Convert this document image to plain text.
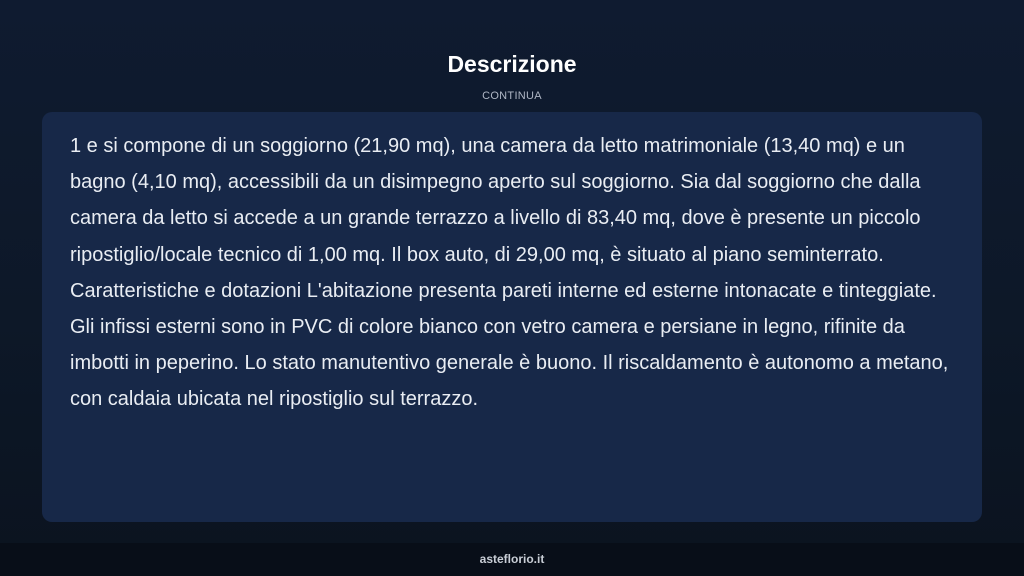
Descrizione
CONTINUA

1 e si compone di un soggiorno (21,90 mq), una camera da letto matrimoniale (13,40 mq) e un bagno (4,10 mq), accessibili da un disimpegno aperto sul soggiorno. Sia dal soggiorno che dalla camera da letto si accede a un grande terrazzo a livello di 83,40 mq, dove è presente un piccolo ripostiglio/locale tecnico di 1,00 mq. Il box auto, di 29,00 mq, è situato al piano seminterrato. Caratteristiche e dotazioni L'abitazione presenta pareti interne ed esterne intonacate e tinteggiate. Gli infissi esterni sono in PVC di colore bianco con vetro camera e persiane in legno, rifinite da imbotti in peperino. Lo stato manutentivo generale è buono. Il riscaldamento è autonomo a metano, con caldaia ubicata nel ripostiglio sul terrazzo.

asteflorio.it
